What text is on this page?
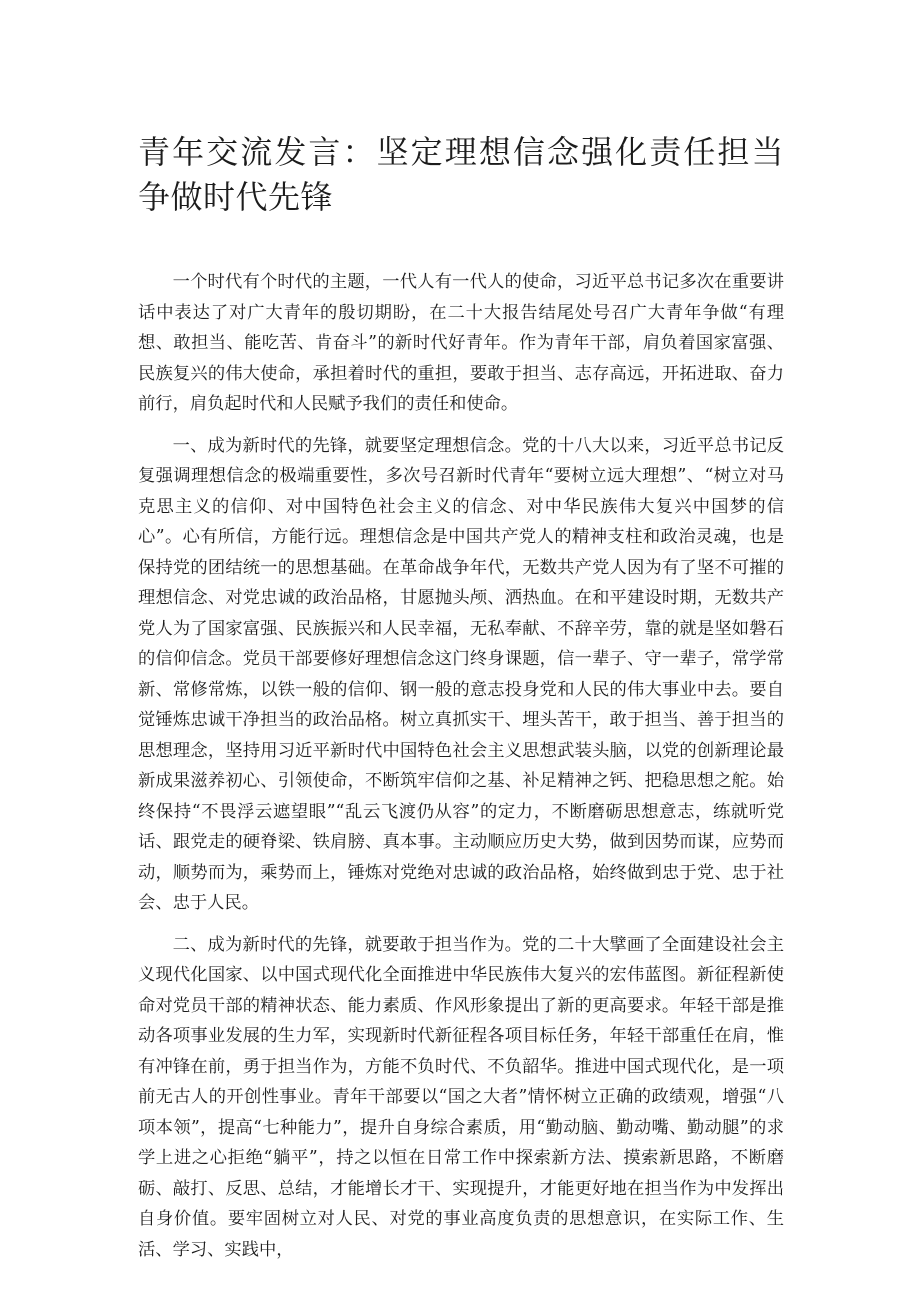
青年交流发言：坚定理想信念强化责任担当争做时代先锋

一个时代有个时代的主题，一代人有一代人的使命，习近平总书记多次在重要讲话中表达了对广大青年的殷切期盼，在二十大报告结尾处号召广大青年争做“有理想、敢担当、能吃苦、肯奋斗”的新时代好青年。作为青年干部，肩负着国家富强、民族复兴的伟大使命，承担着时代的重担，要敢于担当、志存高远，开拓进取、奋力前行，肩负起时代和人民赋予我们的责任和使命。

一、成为新时代的先锋，就要坚定理想信念。党的十八大以来，习近平总书记反复强调理想信念的极端重要性，多次号召新时代青年“要树立远大理想”、“树立对马克思主义的信仰、对中国特色社会主义的信念、对中华民族伟大复兴中国梦的信心”。心有所信，方能行远。理想信念是中国共产党人的精神支柱和政治灵魂，也是保持党的团结统一的思想基础。在革命战争年代，无数共产党人因为有了坚不可摧的理想信念、对党忠诚的政治品格，甘愿抛头颅、洒热血。在和平建设时期，无数共产党人为了国家富强、民族振兴和人民幸福，无私奉献、不辞辛劳，靠的就是坚如磐石的信仰信念。党员干部要修好理想信念这门终身课题，信一辈子、守一辈子，常学常新、常修常炼，以铁一般的信仰、钢一般的意志投身党和人民的伟大事业中去。要自觉锤炼忠诚干净担当的政治品格。树立真抓实干、埋头苦干，敢于担当、善于担当的思想理念，坚持用习近平新时代中国特色社会主义思想武装头脑，以党的创新理论最新成果滋养初心、引领使命，不断筑牢信仰之基、补足精神之钙、把稳思想之舵。始终保持“不畏浮云遮望眼”“乱云飞渡仍从容”的定力，不断磨砺思想意志，练就听党话、跟党走的硬脊梁、铁肩膀、真本事。主动顺应历史大势，做到因势而谋，应势而动，顺势而为，乘势而上，锤炼对党绝对忠诚的政治品格，始终做到忠于党、忠于社会、忠于人民。

二、成为新时代的先锋，就要敢于担当作为。党的二十大擘画了全面建设社会主义现代化国家、以中国式现代化全面推进中华民族伟大复兴的宏伟蓝图。新征程新使命对党员干部的精神状态、能力素质、作风形象提出了新的更高要求。年轻干部是推动各项事业发展的生力军，实现新时代新征程各项目标任务，年轻干部重任在肩，惟有冲锋在前，勇于担当作为，方能不负时代、不负韶华。推进中国式现代化，是一项前无古人的开创性事业。青年干部要以“国之大者”情怀树立正确的政绩观，增强“八项本领”，提高“七种能力”，提升自身综合素质，用“勤动脑、勤动嘴、勤动腿”的求学上进之心拒绝“躺平”，持之以恒在日常工作中探索新方法、摸索新思路，不断磨砺、敲打、反思、总结，才能增长才干、实现提升，才能更好地在担当作为中发挥出自身价值。要牢固树立对人民、对党的事业高度负责的思想意识，在实际工作、生活、学习、实践中，
